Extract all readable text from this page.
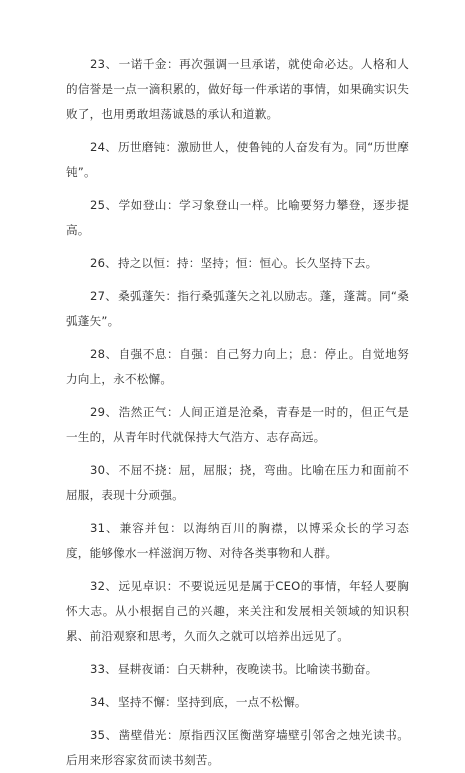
23、一诺千金：再次强调一旦承诺，就使命必达。人格和人的信誉是一点一滴积累的，做好每一件承诺的事情，如果确实识失败了，也用勇敢坦荡诚恳的承认和道歉。

24、历世磨钝：激励世人，使鲁钝的人奋发有为。同“历世摩钝”。

25、学如登山：学习象登山一样。比喻要努力攀登，逐步提高。

26、持之以恒：持：坚持；恒：恒心。长久坚持下去。

27、桑弧蓬矢：指行桑弧蓬矢之礼以励志。蓬，蓬蒿。同“桑弧蓬矢”。

28、自强不息：自强：自己努力向上；息：停止。自觉地努力向上，永不松懈。

29、浩然正气：人间正道是沧桑，青春是一时的，但正气是一生的，从青年时代就保持大气浩方、志存高远。

30、不屈不挠：屈，屈服；挠，弯曲。比喻在压力和面前不屈服，表现十分顽强。

31、兼容并包：以海纳百川的胸襟，以博采众长的学习态度，能够像水一样滋润万物、对待各类事物和人群。

32、远见卓识：不要说远见是属于CEO的事情，年轻人要胸怀大志。从小根据自己的兴趣，来关注和发展相关领域的知识积累、前沿观察和思考，久而久之就可以培养出远见了。

33、昼耕夜诵：白天耕种，夜晚读书。比喻读书勤奋。

34、坚持不懈：坚持到底，一点不松懈。

35、凿壁借光：原指西汉匡衡凿穿墙壁引邻舍之烛光读书。后用来形容家贫而读书刻苦。
